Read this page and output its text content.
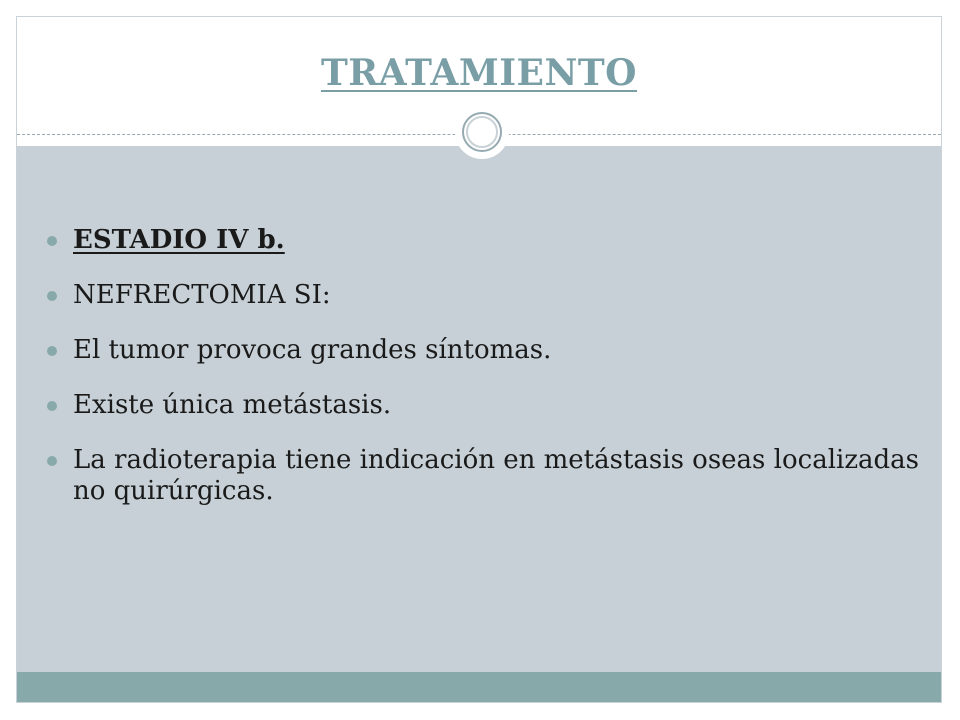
TRATAMIENTO
ESTADIO IV b.
NEFRECTOMIA SI:
El tumor provoca grandes síntomas.
Existe única metástasis.
La radioterapia tiene indicación en metástasis oseas localizadas no quirúrgicas.
